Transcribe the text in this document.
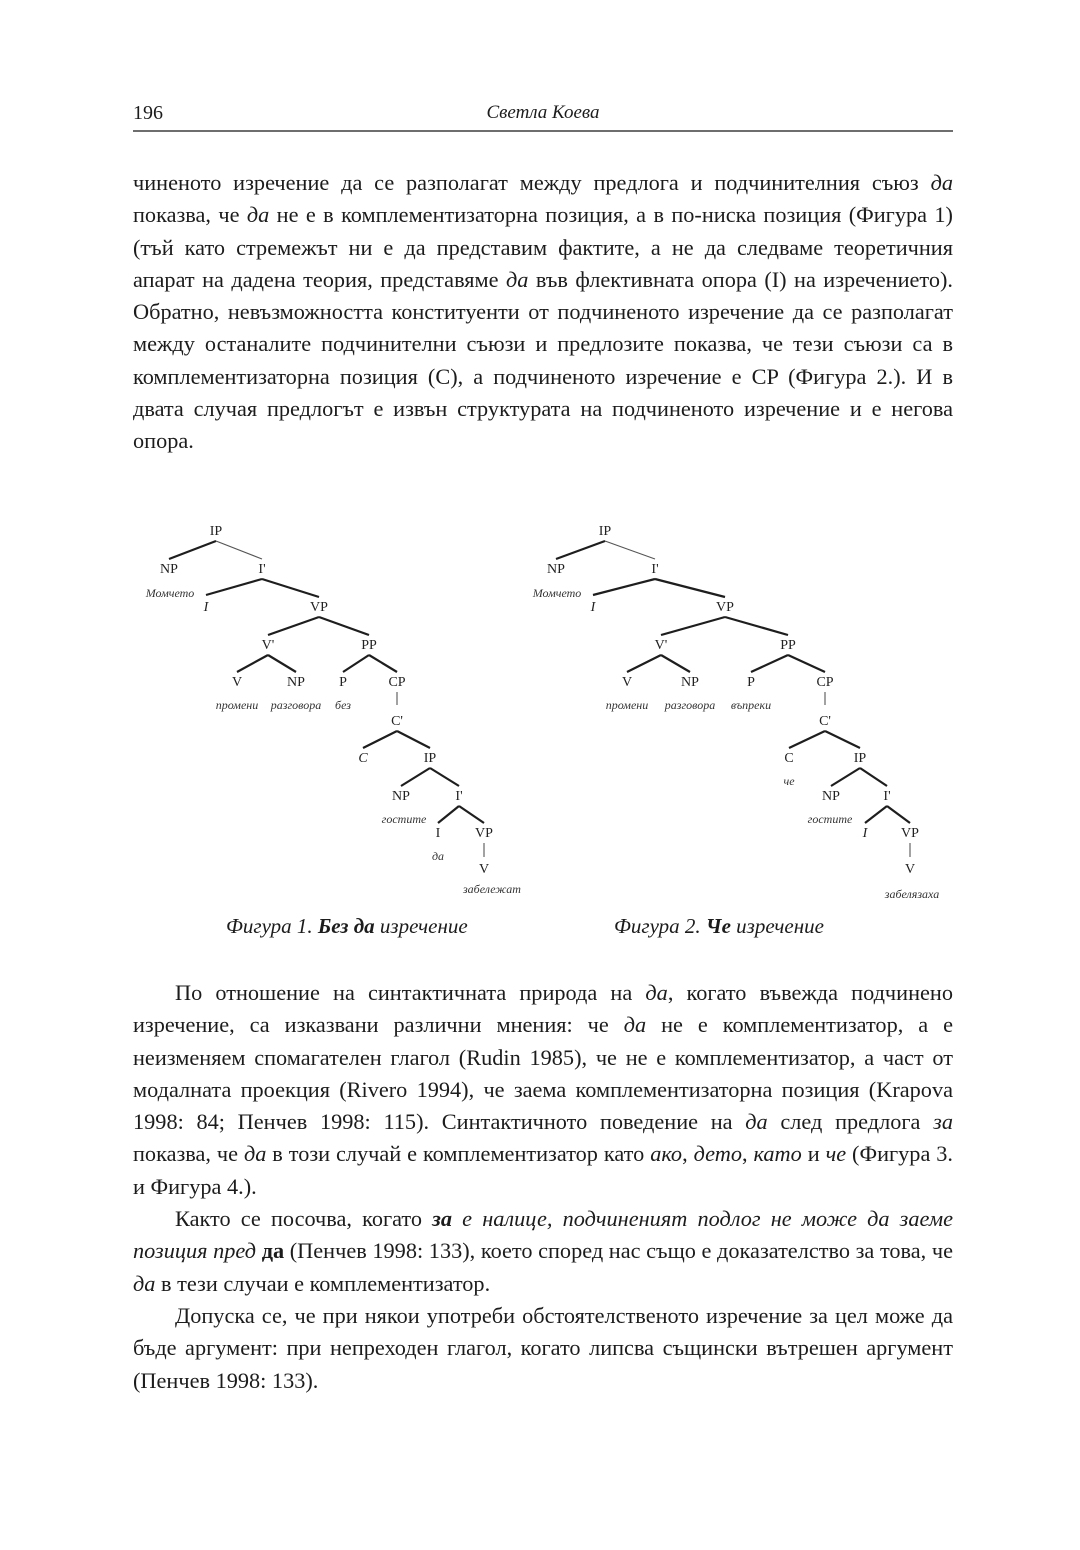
196	Светла Коева

чиненото изречение да се разполагат между предлога и подчинителния съюз да показва, че да не е в комплементизаторна позиция, а в по-ниска позиция (Фигура 1) (тъй като стремежът ни е да представим фактите, а не да следваме теоретичния апарат на дадена теория, представяме да във флективната опора (I) на изречението). Обратно, невъзможността конституенти от подчиненото изречение да се разполагат между останалите подчинителни съюзи и предлозите показва, че тези съюзи са в комплементизаторна позиция (C), а подчиненото изречение е CP (Фигура 2.). И в двата случая предлогът е извън структурата на подчиненото изречение и е негова опора.

IP
NP	I'
I	VP
V'	PP
V	NP P	CP
C'
C	IP
NP	I'
I VP
V
Момчето
промени разговора без
гостите
да
забележат
IP
NP	I'
I	VP
V'	PP
V	NP	P	CP
C'
C	IP
NP	I'
I VP
V
Момчето
промени разговора въпреки
че
гостите
забелязаха
Фигура 1. Без да изречение	Фигура 2. Че изречение

По отношение на синтактичната природа на да, когато въвежда подчинено изречение, са изказвани различни мнения: че да не е комплементизатор, а е неизменяем спомагателен глагол (Rudin 1985), че не е комплементизатор, а част от модалната проекция (Rivero 1994), че заема комплементизаторна позиция (Krapova 1998: 84; Пенчев 1998: 115). Синтактичното поведение на да след предлога за показва, че да в този случай е комплементизатор като ако, дето, като и че (Фигура 3. и Фигура 4.).

Както се посочва, когато за е налице, подчиненият подлог не може да заеме позиция пред да (Пенчев 1998: 133), което според нас също е доказателство за това, че да в тези случаи е комплементизатор.

Допуска се, че при някои употреби обстоятелственото изречение за цел може да бъде аргумент: при непреходен глагол, когато липсва същински вътрешен аргумент (Пенчев 1998: 133).
